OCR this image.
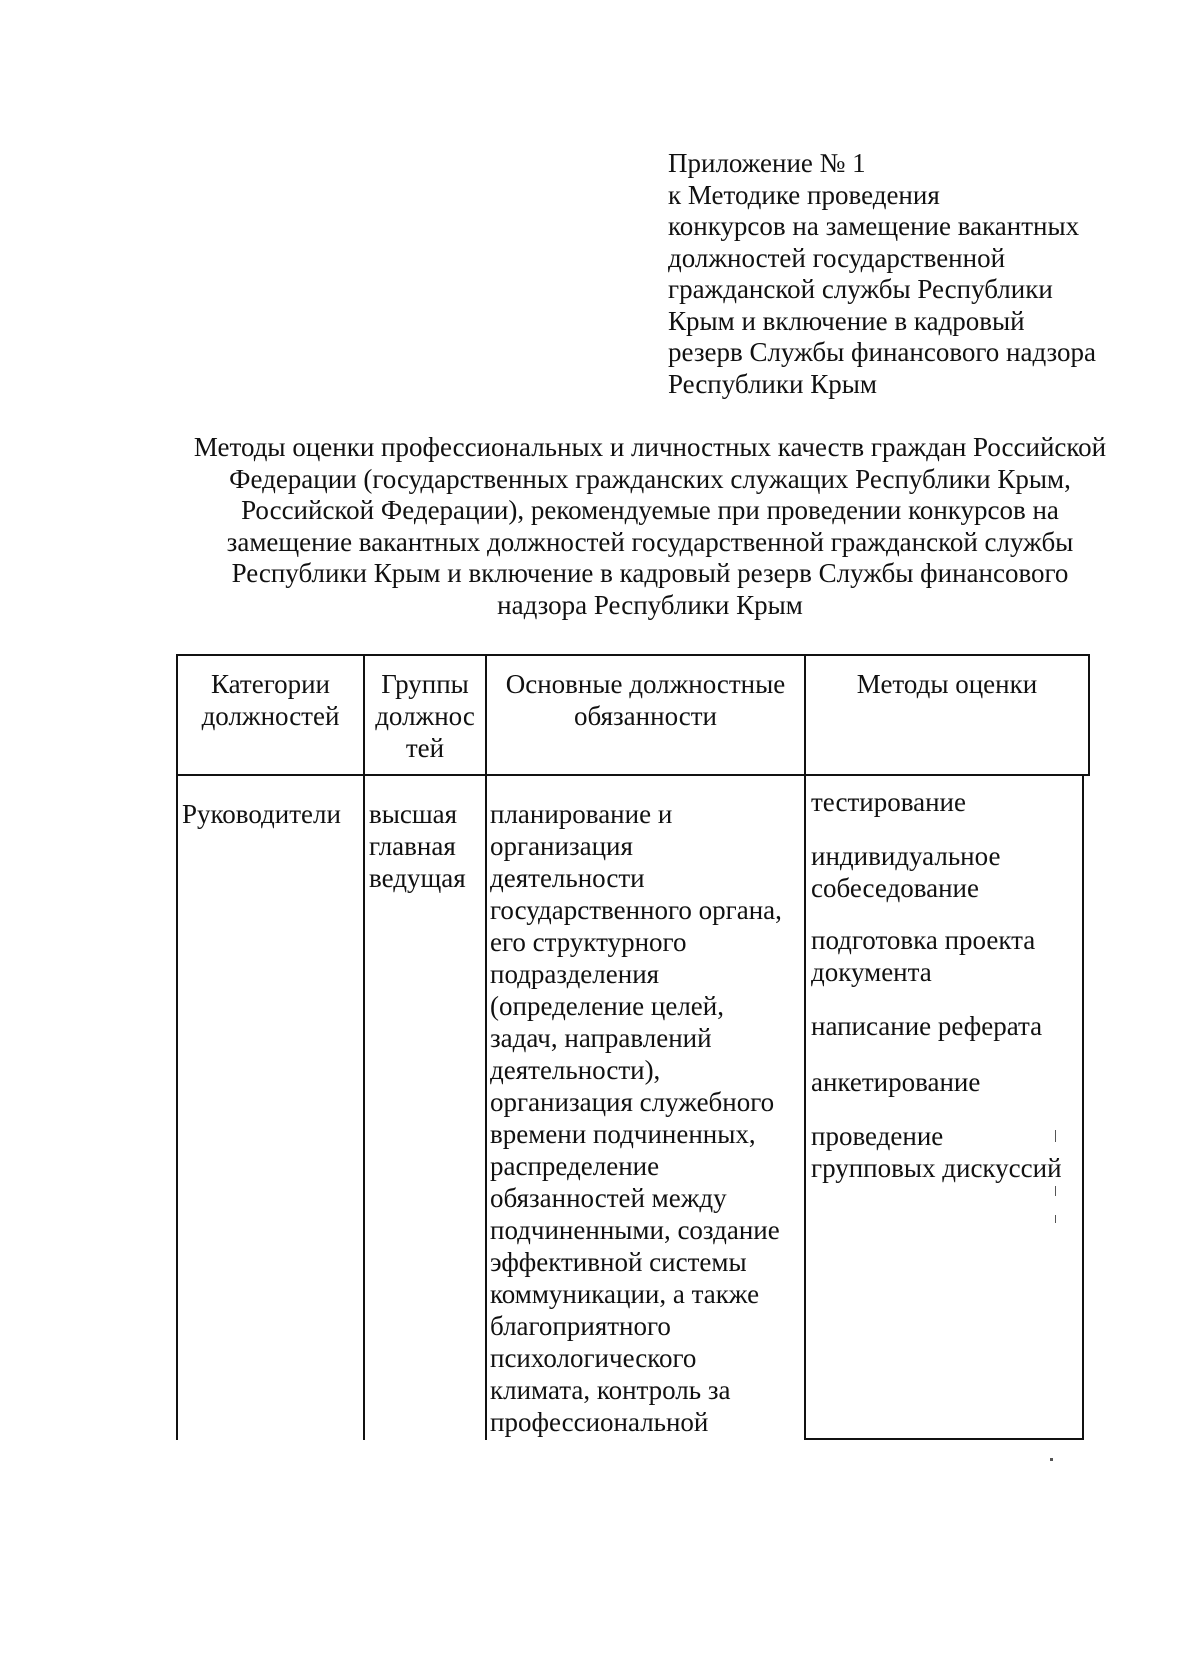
Приложение № 1
к Методике проведения
конкурсов на замещение вакантных
должностей государственной
гражданской службы Республики
Крым и включение в кадровый
резерв Службы финансового надзора
Республики Крым
Методы оценки профессиональных и личностных качеств граждан Российской
Федерации (государственных гражданских служащих Республики Крым,
Российской Федерации), рекомендуемые при проведении конкурсов на
замещение вакантных должностей государственной гражданской службы
Республики Крым и включение в кадровый резерв Службы финансового
надзора Республики Крым
Категории
должностей
Группы
должнос
тей
Основные должностные
обязанности
Методы оценки
Руководители	высшая
главная
ведущая
планирование и
организация
деятельности
государственного органа,
его структурного
подразделения
(определение целей,
задач, направлений
деятельности),
организация служебного
времени подчиненных,
распределение
обязанностей между
подчиненными, создание
эффективной системы
коммуникации, а также
благоприятного
психологического
климата, контроль за
профессиональной
тестирование
индивидуальное
собеседование
подготовка проекта
документа
написание реферата
анкетирование
проведение
групповых дискуссий
